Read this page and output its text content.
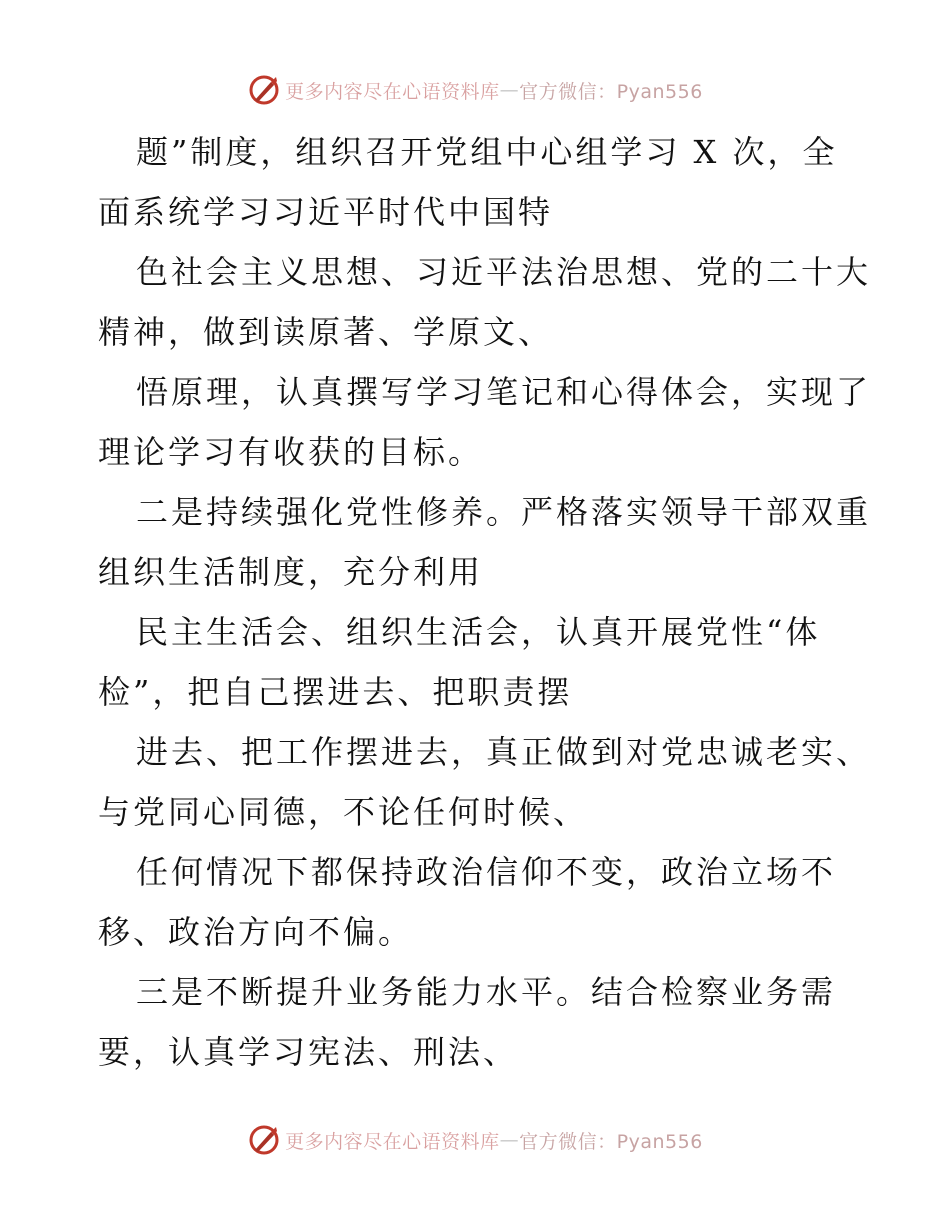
更多内容尽在心语资料库 — 官方微信：Pyan556
题”制度，组织召开党组中心组学习 X 次，全
面系统学习习近平时代中国特
色社会主义思想、习近平法治思想、党的二十大
精神，做到读原著、学原文、
悟原理，认真撰写学习笔记和心得体会，实现了
理论学习有收获的目标。
二是持续强化党性修养。严格落实领导干部双重
组织生活制度，充分利用
民主生活会、组织生活会，认真开展党性“体
检”，把自己摆进去、把职责摆
进去、把工作摆进去，真正做到对党忠诚老实、
与党同心同德，不论任何时候、
任何情况下都保持政治信仰不变，政治立场不
移、政治方向不偏。
三是不断提升业务能力水平。结合检察业务需
要，认真学习宪法、刑法、
更多内容尽在心语资料库 — 官方微信：Pyan556
